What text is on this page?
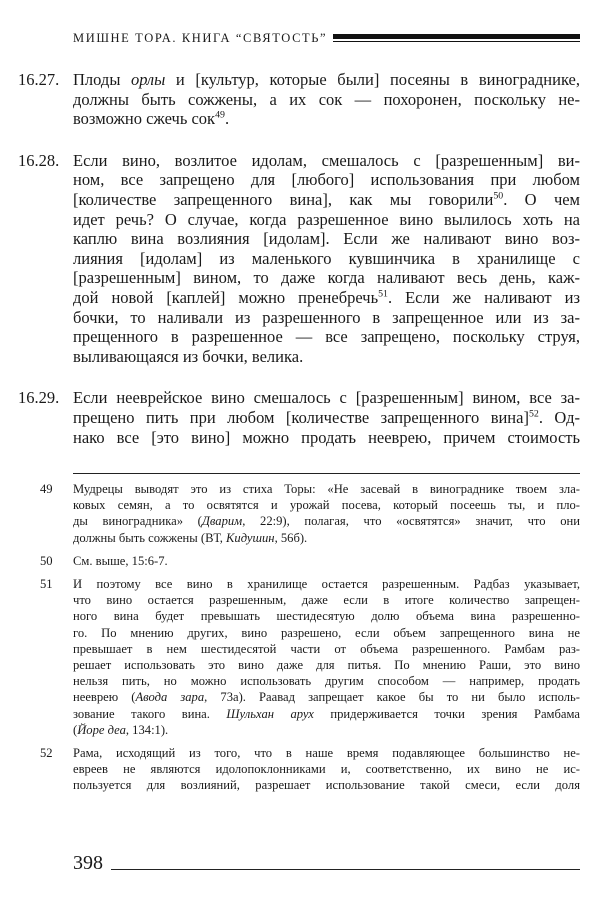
МИШНЕ ТОРА. КНИГА “СВЯТОСТЬ”
16.27. Плоды орлы и [культур, которые были] посеяны в винограднике,
должны быть сожжены, а их сок — похоронен, поскольку не-
возможно сжечь сок$^{49}$.
16.28. Если вино, возлитое идолам, смешалось с [разрешенным] ви-
ном, все запрещено для [любого] использования при любом
[количестве запрещенного вина], как мы говорили$^{50}$. О чем
идет речь? О случае, когда разрешенное вино вылилось хоть на
каплю вина возлияния [идолам]. Если же наливают вино воз-
лияния [идолам] из маленького кувшинчика в хранилище с
[разрешенным] вином, то даже когда наливают весь день, каж-
дой новой [каплей] можно пренебречь$^{51}$. Если же наливают из
бочки, то наливали из разрешенного в запрещенное или из за-
прещенного в разрешенное — все запрещено, поскольку струя,
выливающаяся из бочки, велика.
16.29. Если нееврейское вино смешалось с [разрешенным] вином, все за-
прещено пить при любом [количестве запрещенного вина]$^{52}$. Од-
нако все [это вино] можно продать нееврею, причем стоимость
49 Мудрецы выводят это из стиха Торы: «Не засевай в винограднике твоем зла-
ковых семян, а то освятятся и урожай посева, который посеешь ты, и пло-
ды виноградника» (Дварим, 22:9), полагая, что «освятятся» значит, что они
должны быть сожжены (ВТ, Кидушин, 56б).
50 См. выше, 15:6-7.
51 И поэтому все вино в хранилище остается разрешенным. Радбаз указывает,
что вино остается разрешенным, даже если в итоге количество запрещен-
ного вина будет превышать шестидесятую долю объема вина разрешенно-
го. По мнению других, вино разрешено, если объем запрещенного вина не
превышает в нем шестидесятой части от объема разрешенного. Рамбам раз-
решает использовать это вино даже для питья. По мнению Раши, это вино
нельзя пить, но можно использовать другим способом — например, продать
нееврею (Авода зара, 73а). Раавад запрещает какое бы то ни было исполь-
зование такого вина. Шульхан арух придерживается точки зрения Рамбама
(Йоре деа, 134:1).
52 Рама, исходящий из того, что в наше время подавляющее большинство не-
евреев не являются идолопоклонниками и, соответственно, их вино не ис-
пользуется для возлияний, разрешает использование такой смеси, если доля
398
